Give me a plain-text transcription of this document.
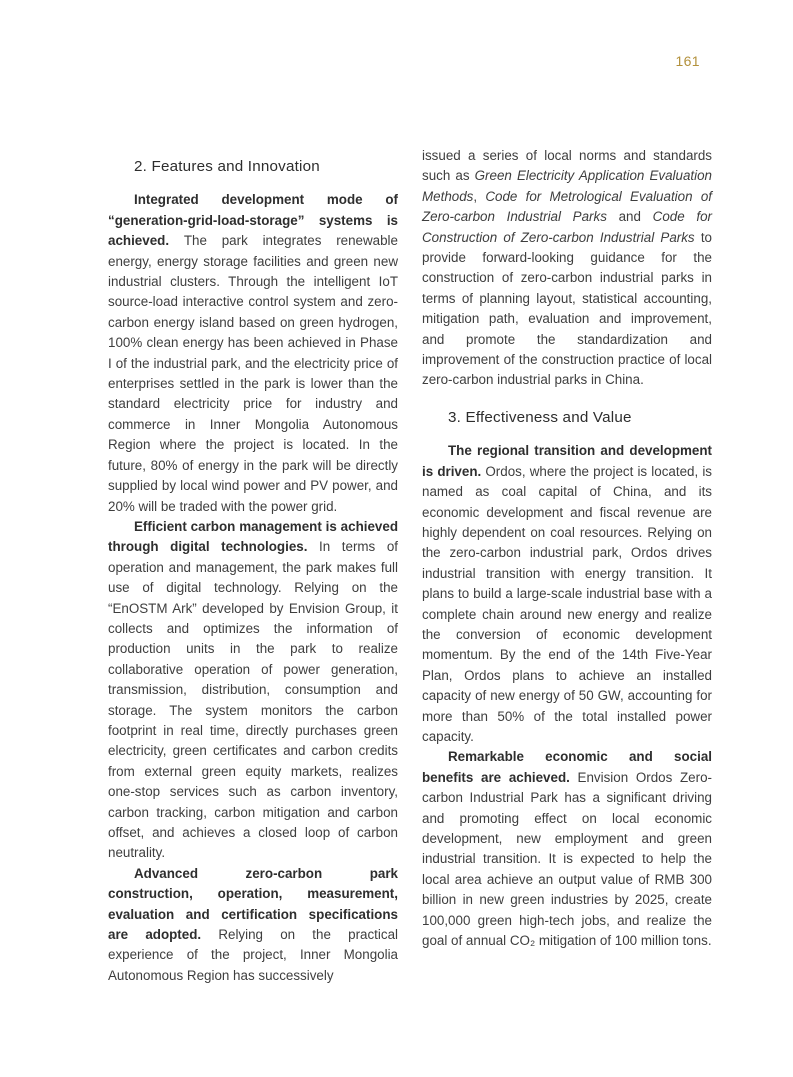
161
2. Features and Innovation

Integrated development mode of “generation-grid-load-storage” systems is achieved. The park integrates renewable energy, energy storage facilities and green new industrial clusters. Through the intelligent IoT source-load interactive control system and zero-carbon energy island based on green hydrogen, 100% clean energy has been achieved in Phase I of the industrial park, and the electricity price of enterprises settled in the park is lower than the standard electricity price for industry and commerce in Inner Mongolia Autonomous Region where the project is located. In the future, 80% of energy in the park will be directly supplied by local wind power and PV power, and 20% will be traded with the power grid.

Efficient carbon management is achieved through digital technologies. In terms of operation and management, the park makes full use of digital technology. Relying on the “EnOSTM Ark” developed by Envision Group, it collects and optimizes the information of production units in the park to realize collaborative operation of power generation, transmission, distribution, consumption and storage. The system monitors the carbon footprint in real time, directly purchases green electricity, green certificates and carbon credits from external green equity markets, realizes one-stop services such as carbon inventory, carbon tracking, carbon mitigation and carbon offset, and achieves a closed loop of carbon neutrality.

Advanced zero-carbon park construction, operation, measurement, evaluation and certification specifications are adopted. Relying on the practical experience of the project, Inner Mongolia Autonomous Region has successively

issued a series of local norms and standards such as Green Electricity Application Evaluation Methods, Code for Metrological Evaluation of Zero-carbon Industrial Parks and Code for Construction of Zero-carbon Industrial Parks to provide forward-looking guidance for the construction of zero-carbon industrial parks in terms of planning layout, statistical accounting, mitigation path, evaluation and improvement, and promote the standardization and improvement of the construction practice of local zero-carbon industrial parks in China.

3. Effectiveness and Value

The regional transition and development is driven. Ordos, where the project is located, is named as coal capital of China, and its economic development and fiscal revenue are highly dependent on coal resources. Relying on the zero-carbon industrial park, Ordos drives industrial transition with energy transition. It plans to build a large-scale industrial base with a complete chain around new energy and realize the conversion of economic development momentum. By the end of the 14th Five-Year Plan, Ordos plans to achieve an installed capacity of new energy of 50 GW, accounting for more than 50% of the total installed power capacity.

Remarkable economic and social benefits are achieved. Envision Ordos Zero-carbon Industrial Park has a significant driving and promoting effect on local economic development, new employment and green industrial transition. It is expected to help the local area achieve an output value of RMB 300 billion in new green industries by 2025, create 100,000 green high-tech jobs, and realize the goal of annual CO₂ mitigation of 100 million tons.
